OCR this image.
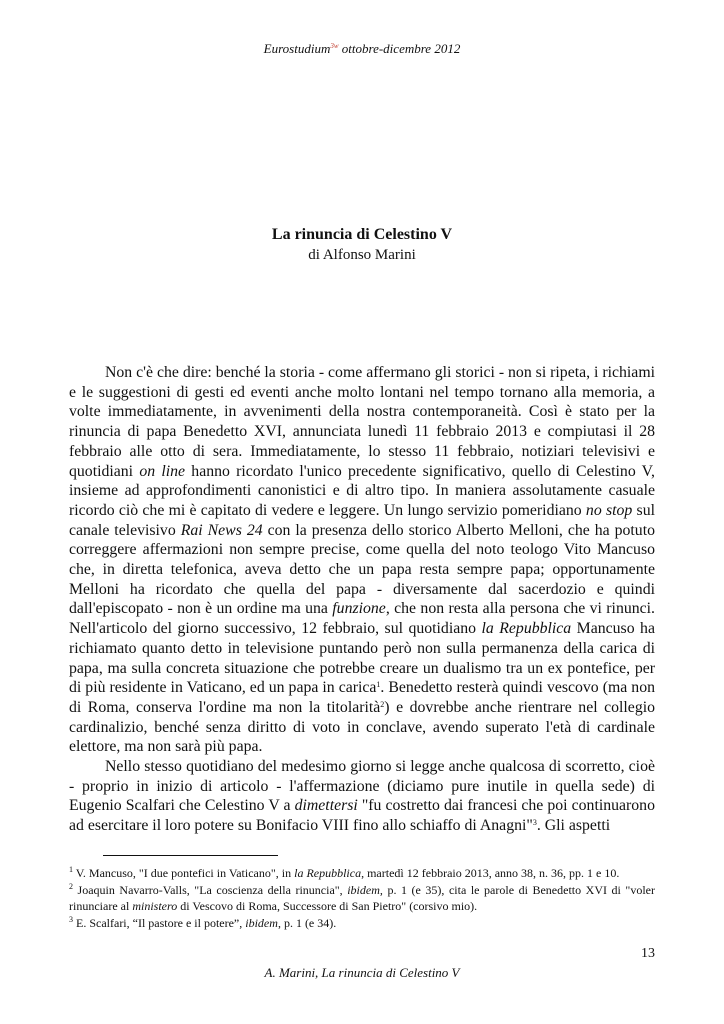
Eurostudium$^{3w}$ ottobre-dicembre 2012
La rinuncia di Celestino V
di Alfonso Marini

Non c'è che dire: benché la storia - come affermano gli storici - non si ripeta, i richiami e le suggestioni di gesti ed eventi anche molto lontani nel tempo tornano alla memoria, a volte immediatamente, in avvenimenti della nostra contemporaneità. Così è stato per la rinuncia di papa Benedetto XVI, annunciata lunedì 11 febbraio 2013 e compiutasi il 28 febbraio alle otto di sera. Immediatamente, lo stesso 11 febbraio, notiziari televisivi e quotidiani on line hanno ricordato l'unico precedente significativo, quello di Celestino V, insieme ad approfondimenti canonistici e di altro tipo. In maniera assolutamente casuale ricordo ciò che mi è capitato di vedere e leggere. Un lungo servizio pomeridiano no stop sul canale televisivo Rai News 24 con la presenza dello storico Alberto Melloni, che ha potuto correggere affermazioni non sempre precise, come quella del noto teologo Vito Mancuso che, in diretta telefonica, aveva detto che un papa resta sempre papa; opportunamente Melloni ha ricordato che quella del papa - diversamente dal sacerdozio e quindi dall'episcopato - non è un ordine ma una funzione, che non resta alla persona che vi rinunci. Nell'articolo del giorno successivo, 12 febbraio, sul quotidiano la Repubblica Mancuso ha richiamato quanto detto in televisione puntando però non sulla permanenza della carica di papa, ma sulla concreta situazione che potrebbe creare un dualismo tra un ex pontefice, per di più residente in Vaticano, ed un papa in carica$^1$. Benedetto resterà quindi vescovo (ma non di Roma, conserva l'ordine ma non la titolarità$^2$) e dovrebbe anche rientrare nel collegio cardinalizio, benché senza diritto di voto in conclave, avendo superato l'età di cardinale elettore, ma non sarà più papa.

Nello stesso quotidiano del medesimo giorno si legge anche qualcosa di scorretto, cioè - proprio in inizio di articolo - l'affermazione (diciamo pure inutile in quella sede) di Eugenio Scalfari che Celestino V a dimettersi "fu costretto dai francesi che poi continuarono ad esercitare il loro potere su Bonifacio VIII fino allo schiaffo di Anagni"$^3$. Gli aspetti

$^1$ V. Mancuso, "I due pontefici in Vaticano", in la Repubblica, martedì 12 febbraio 2013, anno 38, n. 36, pp. 1 e 10.
$^2$ Joaquin Navarro-Valls, "La coscienza della rinuncia", ibidem, p. 1 (e 35), cita le parole di Benedetto XVI di "voler rinunciare al ministero di Vescovo di Roma, Successore di San Pietro" (corsivo mio).
$^3$ E. Scalfari, “Il pastore e il potere”, ibidem, p. 1 (e 34).
13
A. Marini, La rinuncia di Celestino V
